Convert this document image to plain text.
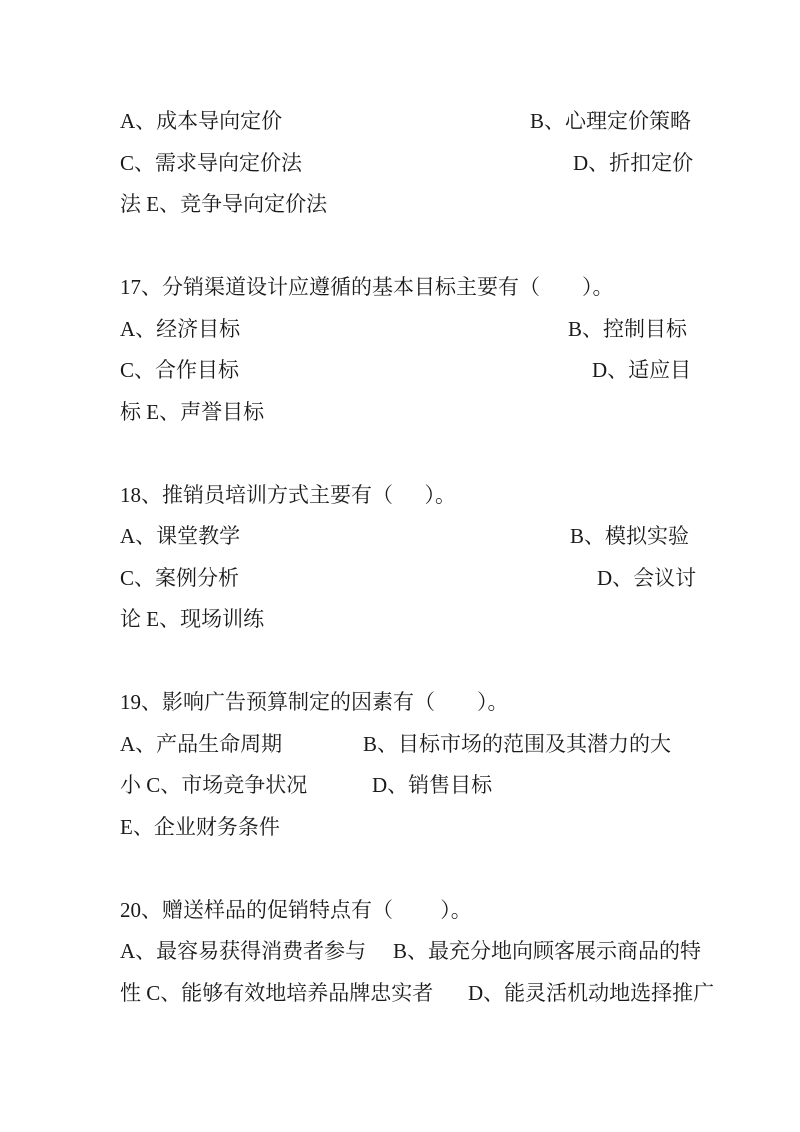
A、成本导向定价	B、心理定价策略
C、需求导向定价法	D、折扣定价
法 E、竞争导向定价法
17、分销渠道设计应遵循的基本目标主要有（        ）。
A、经济目标	B、控制目标
C、合作目标	D、适应目
标 E、声誉目标
18、推销员培训方式主要有（      ）。
A、课堂教学	B、模拟实验
C、案例分析	D、会议讨
论 E、现场训练
19、影响广告预算制定的因素有（        ）。
A、产品生命周期	B、目标市场的范围及其潜力的大
小 C、市场竞争状况	D、销售目标
E、企业财务条件
20、赠送样品的促销特点有（         ）。
A、最容易获得消费者参与 B、最充分地向顾客展示商品的特
性 C、能够有效地培养品牌忠实者 D、能灵活机动地选择推广
